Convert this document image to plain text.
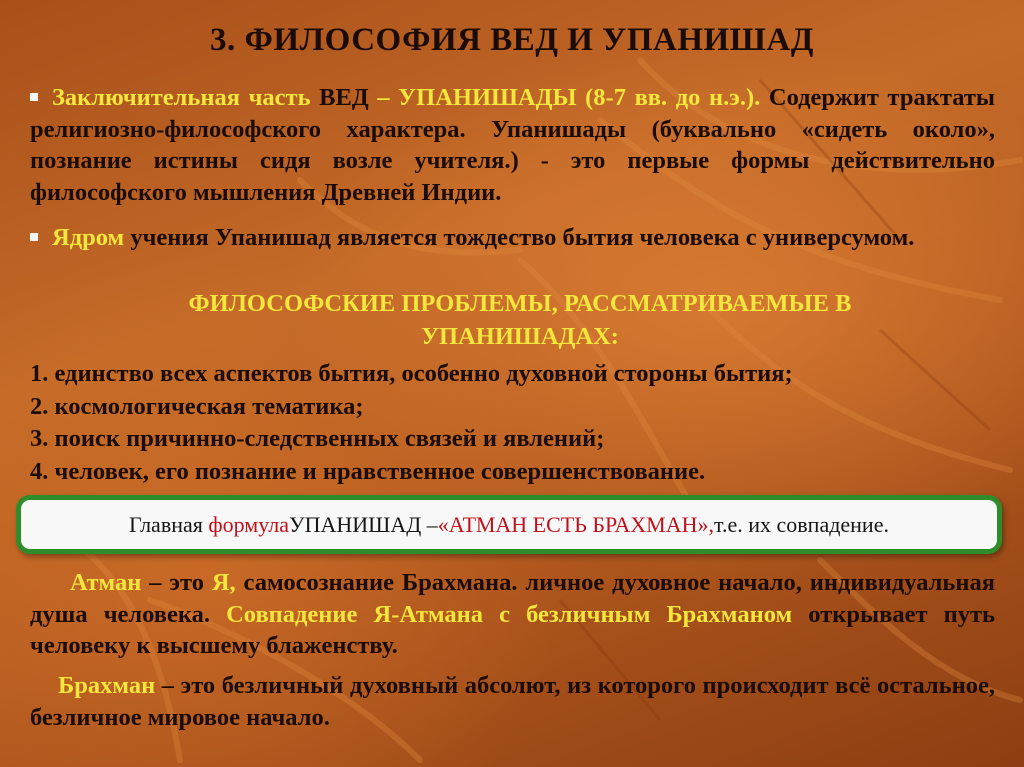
3. ФИЛОСОФИЯ ВЕД И УПАНИШАД
Заключительная часть ВЕД – УПАНИШАДЫ (8-7 вв. до н.э.). Содержит трактаты религиозно-философского характера. Упанишады (буквально «сидеть около», познание истины сидя возле учителя.) - это первые формы действительно философского мышления Древней Индии.
Ядром учения Упанишад является тождество бытия человека с универсумом.
ФИЛОСОФСКИЕ ПРОБЛЕМЫ, РАССМАТРИВАЕМЫЕ В УПАНИШАДАХ:
1. единство всех аспектов бытия, особенно духовной стороны бытия;
2. космологическая тематика;
3. поиск причинно-следственных связей и явлений;
4. человек, его познание и нравственное совершенствование.
Главная
формула УПАНИШАД – «АТМАН ЕСТЬ БРАХМАН», т.е. их совпадение.
Атман – это Я, самосознание Брахмана. личное духовное начало, индивидуальная душа человека. Совпадение Я-Атмана с безличным Брахманом открывает путь человеку к высшему блаженству.
Брахман – это безличный духовный абсолют, из которого происходит всё остальное, безличное мировое начало.
